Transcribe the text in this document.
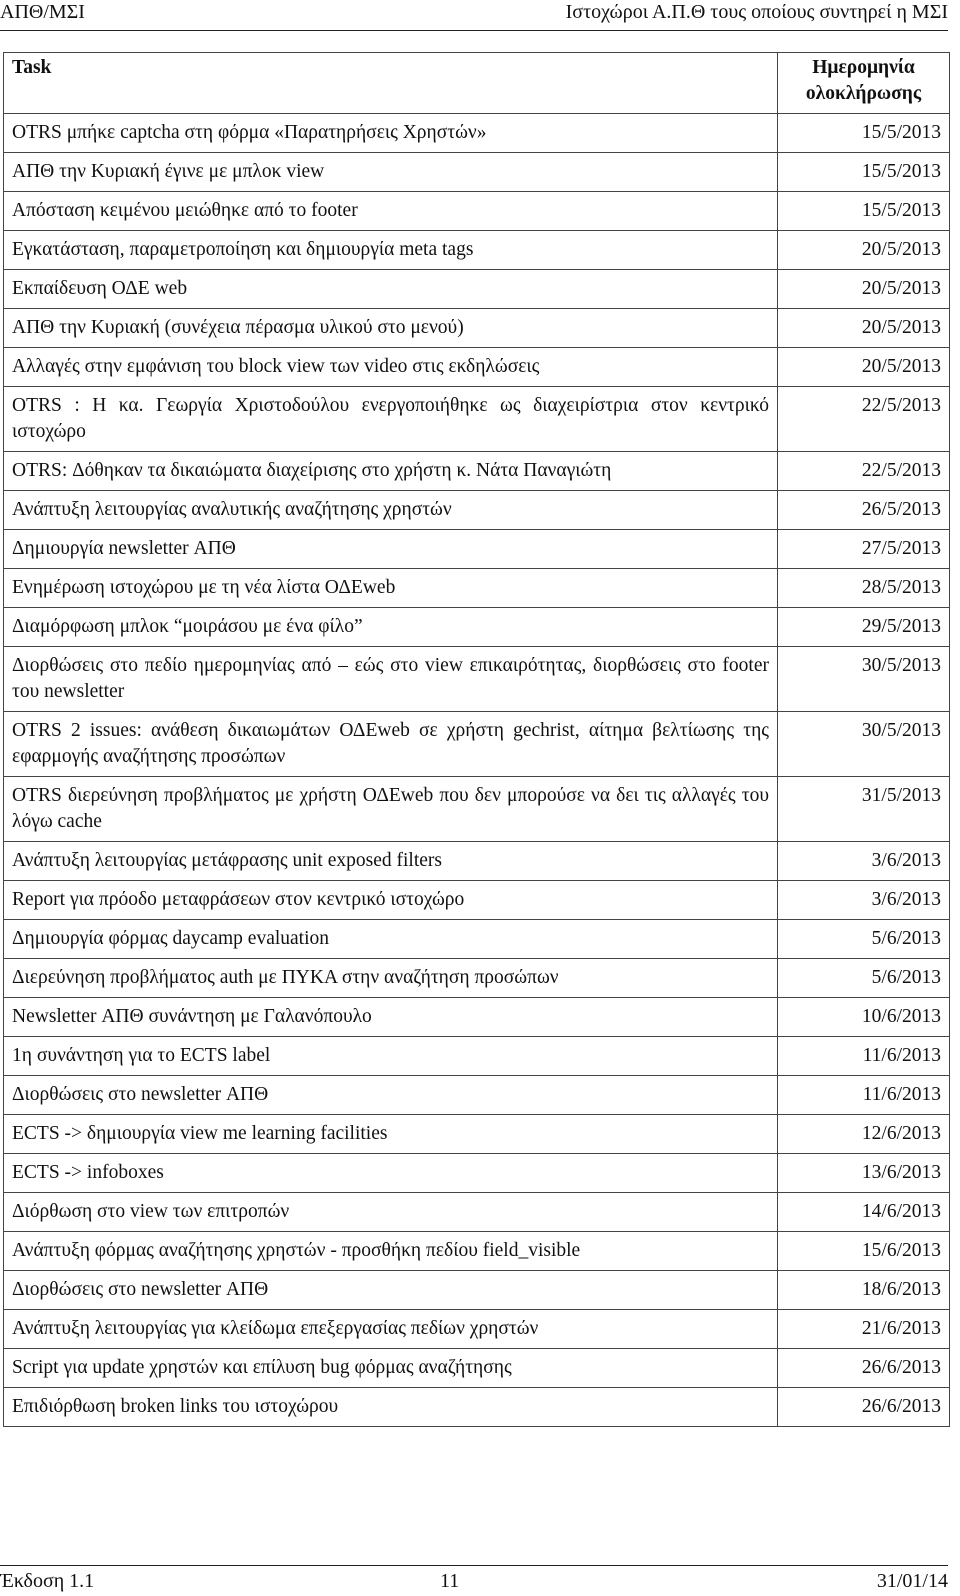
ΑΠΘ/ΜΣΙ	Ιστοχώροι Α.Π.Θ τους οποίους συντηρεί η ΜΣΙ
Task	Ημερομηνία ολοκλήρωσης
OTRS μπήκε captcha στη φόρμα «Παρατηρήσεις Χρηστών»	15/5/2013
ΑΠΘ την Κυριακή έγινε με μπλοκ view	15/5/2013
Απόσταση κειμένου μειώθηκε από το footer	15/5/2013
Εγκατάσταση, παραμετροποίηση και δημιουργία meta tags	20/5/2013
Εκπαίδευση ΟΔΕ web	20/5/2013
ΑΠΘ την Κυριακή (συνέχεια πέρασμα υλικού στο μενού)	20/5/2013
Αλλαγές στην εμφάνιση του block view των video στις εκδηλώσεις	20/5/2013
OTRS : Η κα. Γεωργία Χριστοδούλου ενεργοποιήθηκε ως διαχειρίστρια στον κεντρικό ιστοχώρο	22/5/2013
OTRS: Δόθηκαν τα δικαιώματα διαχείρισης στο χρήστη κ. Νάτα Παναγιώτη	22/5/2013
Ανάπτυξη λειτουργίας αναλυτικής αναζήτησης χρηστών	26/5/2013
Δημιουργία newsletter ΑΠΘ	27/5/2013
Ενημέρωση ιστοχώρου με τη νέα λίστα ΟΔΕweb	28/5/2013
Διαμόρφωση μπλοκ “μοιράσου με ένα φίλο”	29/5/2013
Διορθώσεις στο πεδίο ημερομηνίας από – εώς στο view επικαιρότητας, διορθώσεις στο footer του newsletter	30/5/2013
OTRS 2 issues: ανάθεση δικαιωμάτων ΟΔΕweb σε χρήστη gechrist, αίτημα βελτίωσης της εφαρμογής αναζήτησης προσώπων	30/5/2013
OTRS διερεύνηση προβλήματος με χρήστη ΟΔΕweb που δεν μπορούσε να δει τις αλλαγές του λόγω cache	31/5/2013
Ανάπτυξη λειτουργίας μετάφρασης unit exposed filters	3/6/2013
Report για πρόοδο μεταφράσεων στον κεντρικό ιστοχώρο	3/6/2013
Δημιουργία φόρμας daycamp evaluation	5/6/2013
Διερεύνηση προβλήματος auth με ΠΥΚΑ στην αναζήτηση προσώπων	5/6/2013
Newsletter ΑΠΘ συνάντηση με Γαλανόπουλο	10/6/2013
1η συνάντηση για το ECTS label	11/6/2013
Διορθώσεις στο newsletter ΑΠΘ	11/6/2013
ECTS -> δημιουργία view me learning facilities	12/6/2013
ECTS -> infoboxes	13/6/2013
Διόρθωση στο view των επιτροπών	14/6/2013
Ανάπτυξη φόρμας αναζήτησης χρηστών - προσθήκη πεδίου field_visible	15/6/2013
Διορθώσεις στο newsletter ΑΠΘ	18/6/2013
Ανάπτυξη λειτουργίας για κλείδωμα επεξεργασίας πεδίων χρηστών	21/6/2013
Script για update χρηστών και επίλυση bug φόρμας αναζήτησης	26/6/2013
Επιδιόρθωση broken links του ιστοχώρου	26/6/2013
Έκδοση 1.1	11	31/01/14
